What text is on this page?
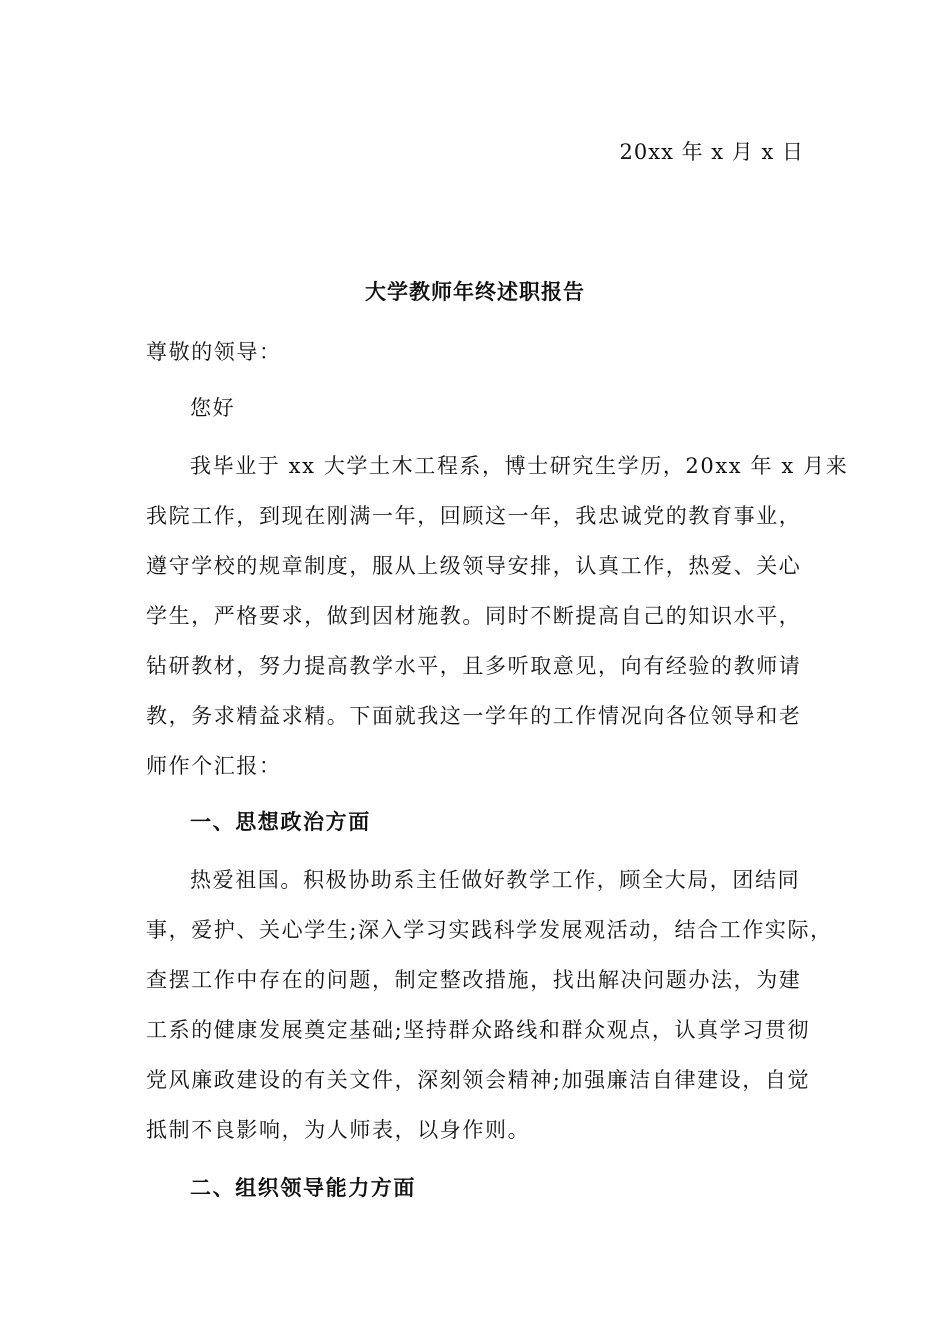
20xx 年 x 月 x 日
大学教师年终述职报告
尊敬的领导：
您好
我毕业于 xx 大学土木工程系，博士研究生学历，20xx 年 x 月来
我院工作，到现在刚满一年，回顾这一年，我忠诚党的教育事业，
遵守学校的规章制度，服从上级领导安排，认真工作，热爱、关心
学生，严格要求，做到因材施教。同时不断提高自己的知识水平，
钻研教材，努力提高教学水平，且多听取意见，向有经验的教师请
教，务求精益求精。下面就我这一学年的工作情况向各位领导和老
师作个汇报：
一、思想政治方面
热爱祖国。积极协助系主任做好教学工作，顾全大局，团结同
事，爱护、关心学生;深入学习实践科学发展观活动，结合工作实际，
查摆工作中存在的问题，制定整改措施，找出解决问题办法，为建
工系的健康发展奠定基础;坚持群众路线和群众观点，认真学习贯彻
党风廉政建设的有关文件，深刻领会精神;加强廉洁自律建设，自觉
抵制不良影响，为人师表，以身作则。
二、组织领导能力方面
